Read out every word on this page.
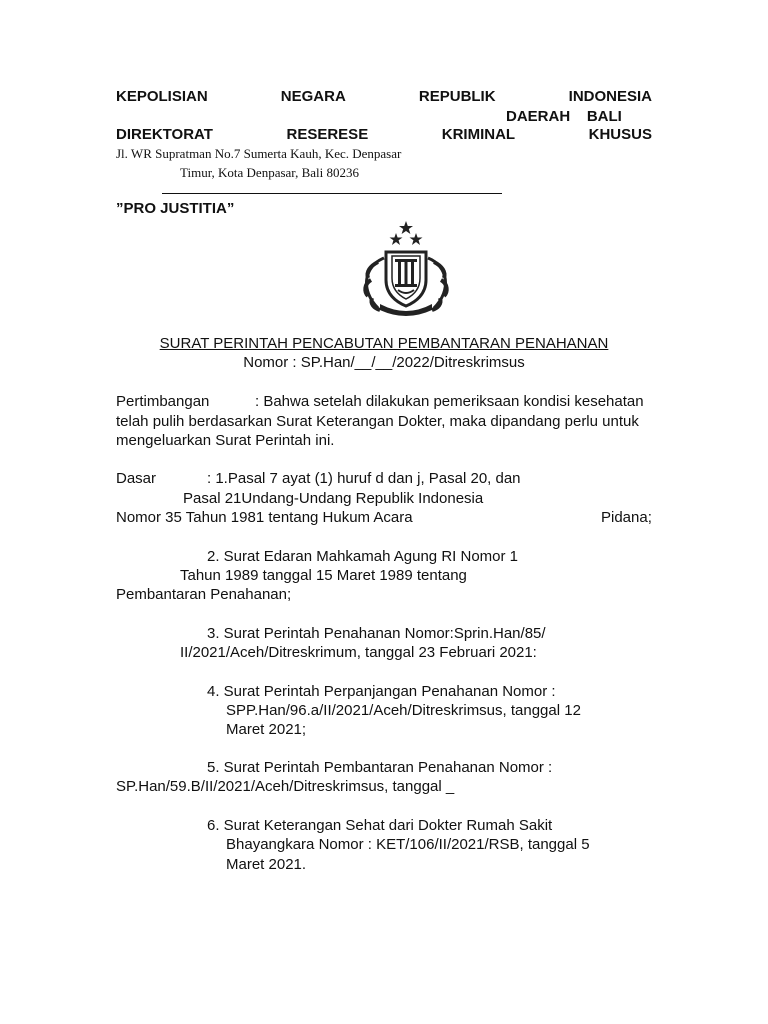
KEPOLISIAN	NEGARA	REPUBLIK	INDONESIA
DAERAH    BALI
DIREKTORAT	RESERESE	KRIMINAL	KHUSUS
Jl. WR Supratman No.7 Sumerta Kauh, Kec. Denpasar
Timur, Kota Denpasar, Bali 80236
”PRO JUSTITIA”
SURAT PERINTAH PENCABUTAN PEMBANTARAN PENAHANAN
Nomor : SP.Han/__/__/2022/Ditreskrimsus
Pertimbangan	: Bahwa setelah dilakukan pemeriksaan kondisi kesehatan
telah pulih berdasarkan Surat Keterangan Dokter, maka dipandang perlu untuk
mengeluarkan Surat Perintah ini.
Dasar	: 1.Pasal 7 ayat (1) huruf d dan j, Pasal 20, dan
Pasal 21Undang-Undang Republik Indonesia
Nomor 35 Tahun 1981 tentang Hukum Acara	Pidana;
2. Surat Edaran Mahkamah Agung RI Nomor 1
Tahun 1989 tanggal 15 Maret 1989 tentang
Pembantaran Penahanan;
3. Surat Perintah Penahanan Nomor:Sprin.Han/85/
II/2021/Aceh/Ditreskrimum, tanggal 23 Februari 2021:
4. Surat Perintah Perpanjangan Penahanan Nomor :
SPP.Han/96.a/II/2021/Aceh/Ditreskrimsus, tanggal 12
Maret 2021;
5. Surat Perintah Pembantaran Penahanan Nomor :
SP.Han/59.B/II/2021/Aceh/Ditreskrimsus, tanggal _
6. Surat Keterangan Sehat dari Dokter Rumah Sakit
Bhayangkara Nomor : KET/106/II/2021/RSB, tanggal 5
Maret 2021.
